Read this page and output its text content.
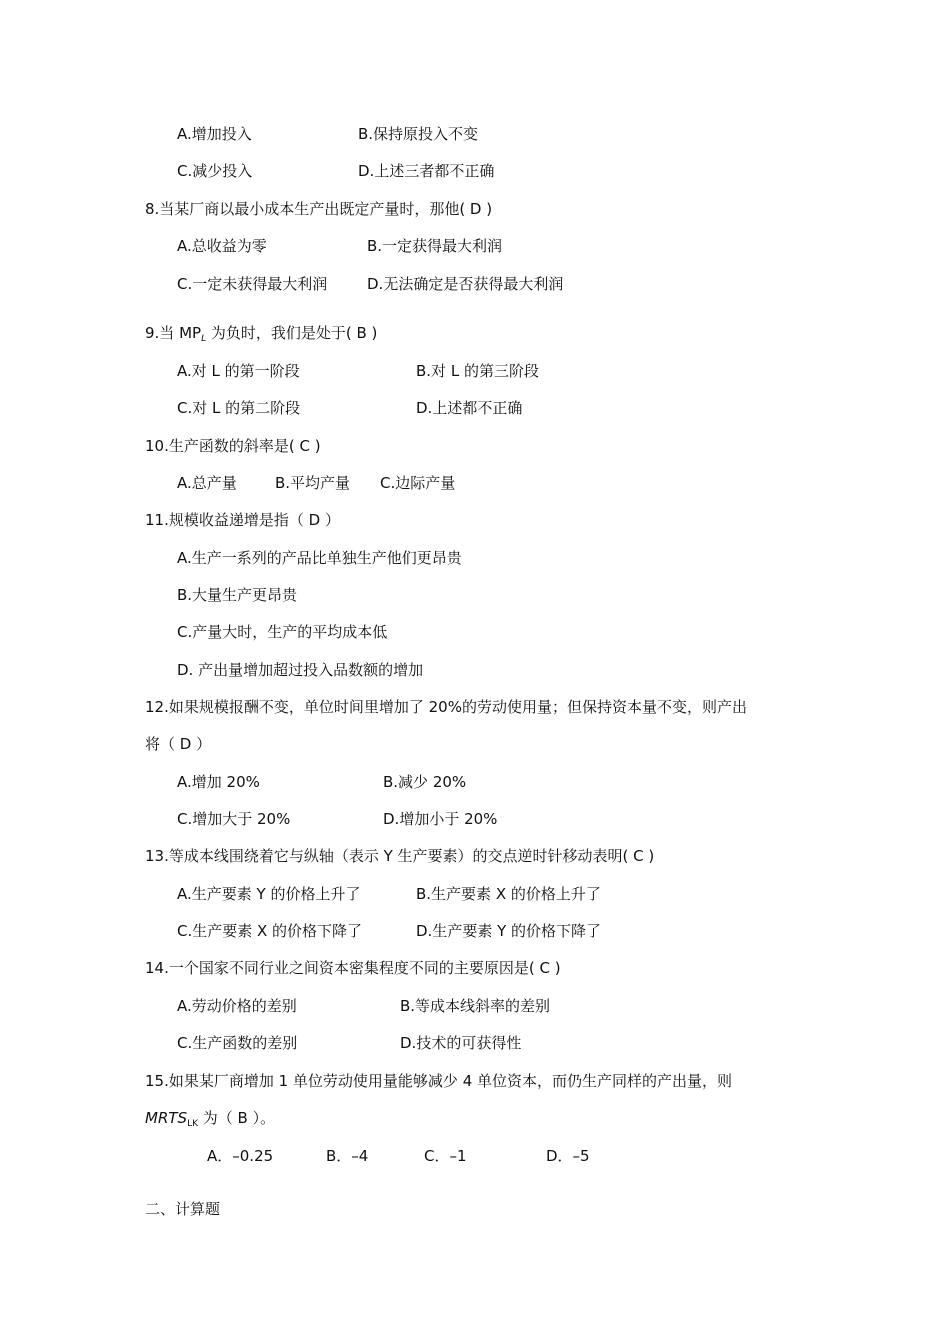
A.增加投入	B.保持原投入不变
C.减少投入	D.上述三者都不正确
8.当某厂商以最小成本生产出既定产量时，那他( D )
A.总收益为零	B.一定获得最大利润
C.一定未获得最大利润	D.无法确定是否获得最大利润
9.当 $MP_L$ 为负时，我们是处于( B )
A.对 L 的第一阶段	B.对 L 的第三阶段
C.对 L 的第二阶段	D.上述都不正确
10.生产函数的斜率是( C )
A.总产量	B.平均产量 C.边际产量
11.规模收益递增是指（ D ）
A.生产一系列的产品比单独生产他们更昂贵
B.大量生产更昂贵
C.产量大时，生产的平均成本低
D. 产出量增加超过投入品数额的增加
12.如果规模报酬不变，单位时间里增加了 20%的劳动使用量；但保持资本量不变，则产出
将（ D ）
A.增加 20%	B.减少 20%
C.增加大于 20%	D.增加小于 20%
13.等成本线围绕着它与纵轴（表示 Y 生产要素）的交点逆时针移动表明( C )
A.生产要素 Y 的价格上升了	B.生产要素 X 的价格上升了
C.生产要素 X 的价格下降了	D.生产要素 Y 的价格下降了
14.一个国家不同行业之间资本密集程度不同的主要原因是( C )
A.劳动价格的差别	B.等成本线斜率的差别
C.生产函数的差别	D.技术的可获得性
15.如果某厂商增加 1 单位劳动使用量能够减少 4 单位资本，而仍生产同样的产出量，则
$MRTS_{LK}$ 为（ B ）。
A．–0.25	B．–4	C．–1	D．–5
二、计算题
